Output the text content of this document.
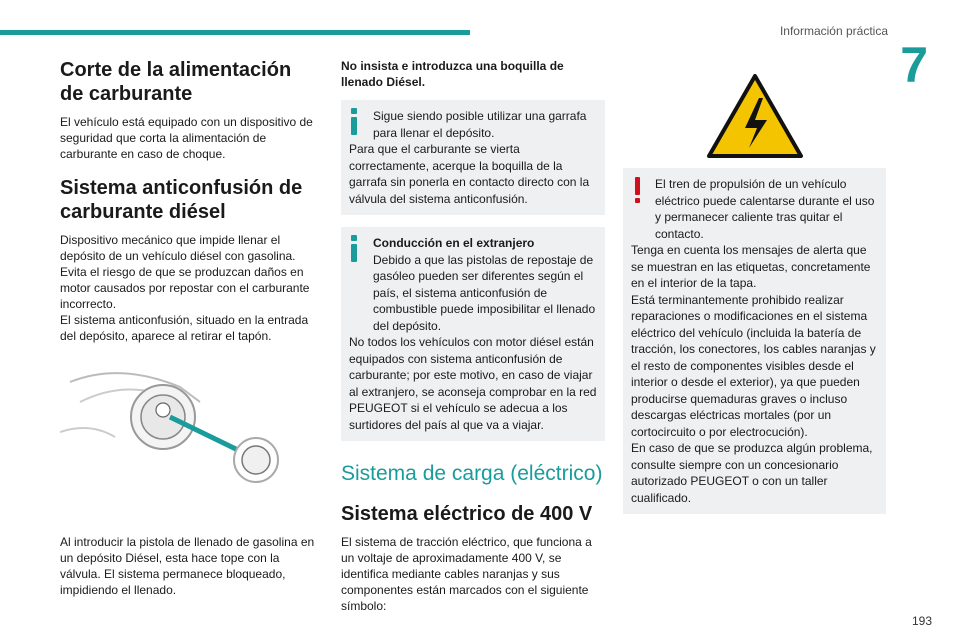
Información práctica
7
Corte de la alimentación de carburante

El vehículo está equipado con un dispositivo de seguridad que corta la alimentación de carburante en caso de choque.

Sistema anticonfusión de carburante diésel

Dispositivo mecánico que impide llenar el depósito de un vehículo diésel con gasolina. Evita el riesgo de que se produzcan daños en motor causados por repostar con el carburante incorrecto.

El sistema anticonfusión, situado en la entrada del depósito, aparece al retirar el tapón.

Al introducir la pistola de llenado de gasolina en un depósito Diésel, esta hace tope con la válvula. El sistema permanece bloqueado, impidiendo el llenado.

No insista e introduzca una boquilla de llenado Diésel.

Sigue siendo posible utilizar una garrafa para llenar el depósito.
Para que el carburante se vierta correctamente, acerque la boquilla de la garrafa sin ponerla en contacto directo con la válvula del sistema anticonfusión.
Conducción en el extranjero
Debido a que las pistolas de repostaje de gasóleo pueden ser diferentes según el país, el sistema anticonfusión de combustible puede imposibilitar el llenado del depósito.
No todos los vehículos con motor diésel están equipados con sistema anticonfusión de carburante; por este motivo, en caso de viajar al extranjero, se aconseja comprobar en la red PEUGEOT si el vehículo se adecua a los surtidores del país al que va a viajar.
Sistema de carga (eléctrico)
Sistema eléctrico de 400 V

El sistema de tracción eléctrico, que funciona a un voltaje de aproximadamente 400 V, se identifica mediante cables naranjas y sus componentes están marcados con el siguiente símbolo:

El tren de propulsión de un vehículo eléctrico puede calentarse durante el uso y permanecer caliente tras quitar el contacto.
Tenga en cuenta los mensajes de alerta que se muestran en las etiquetas, concretamente en el interior de la tapa.
Está terminantemente prohibido realizar reparaciones o modificaciones en el sistema eléctrico del vehículo (incluida la batería de tracción, los conectores, los cables naranjas y el resto de componentes visibles desde el interior o desde el exterior), ya que pueden producirse quemaduras graves o incluso descargas eléctricas mortales (por un cortocircuito o por electrocución).
En caso de que se produzca algún problema, consulte siempre con un concesionario autorizado PEUGEOT o con un taller cualificado.
193
